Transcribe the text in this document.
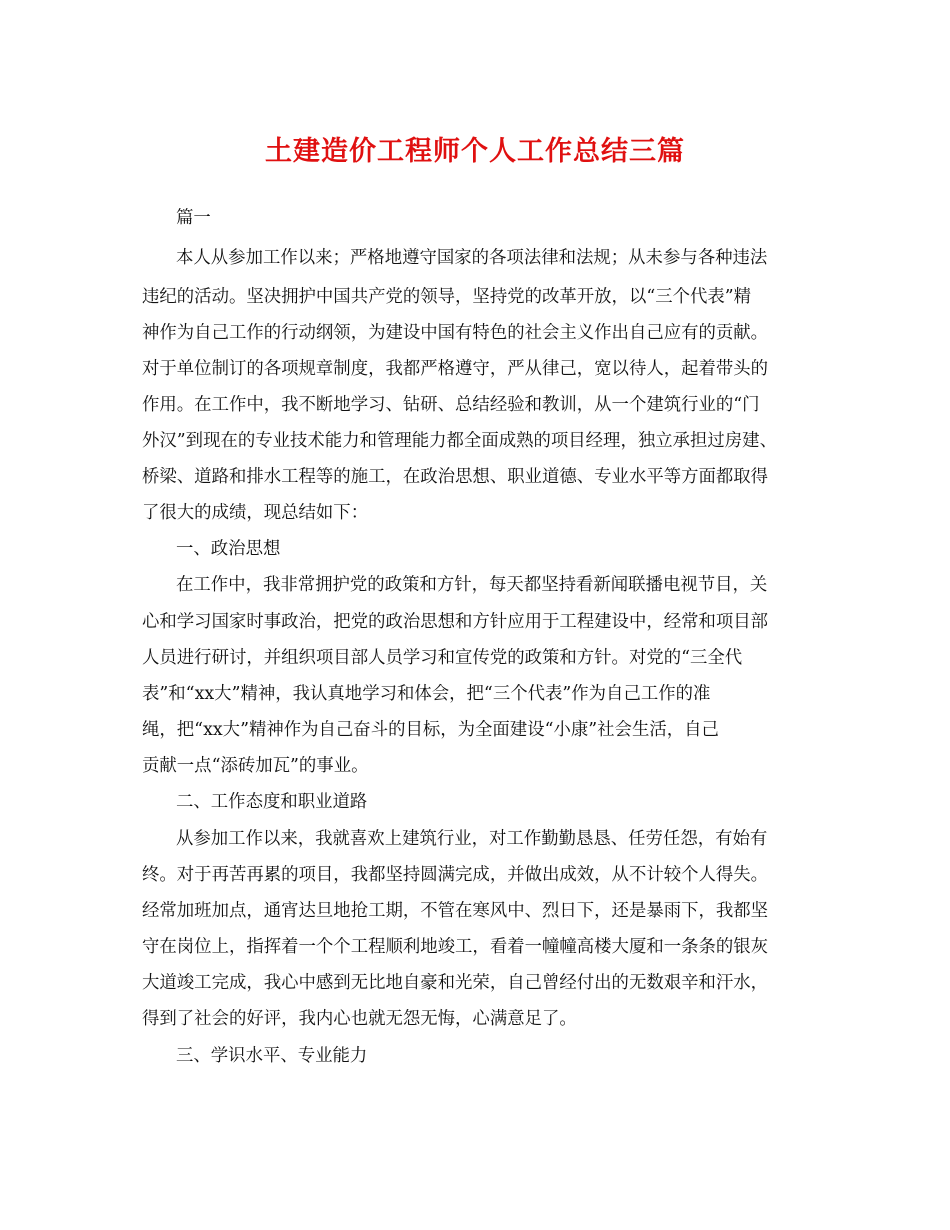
土建造价工程师个人工作总结三篇
篇一
本人从参加工作以来；严格地遵守国家的各项法律和法规；从未参与各种违法
违纪的活动。坚决拥护中国共产党的领导，坚持党的改革开放，以“三个代表”精
神作为自己工作的行动纲领，为建设中国有特色的社会主义作出自己应有的贡献。
对于单位制订的各项规章制度，我都严格遵守，严从律己，宽以待人，起着带头的
作用。在工作中，我不断地学习、钻研、总结经验和教训，从一个建筑行业的“门
外汉”到现在的专业技术能力和管理能力都全面成熟的项目经理，独立承担过房建、
桥梁、道路和排水工程等的施工，在政治思想、职业道德、专业水平等方面都取得
了很大的成绩，现总结如下：
一、政治思想
在工作中，我非常拥护党的政策和方针，每天都坚持看新闻联播电视节目，关
心和学习国家时事政治，把党的政治思想和方针应用于工程建设中，经常和项目部
人员进行研讨，并组织项目部人员学习和宣传党的政策和方针。对党的“三全代
表”和“xx大”精神，我认真地学习和体会，把“三个代表”作为自己工作的准
绳，把“xx大”精神作为自己奋斗的目标，为全面建设“小康”社会生活，自己
贡献一点“添砖加瓦”的事业。
二、工作态度和职业道路
从参加工作以来，我就喜欢上建筑行业，对工作勤勤恳恳、任劳任怨，有始有
终。对于再苦再累的项目，我都坚持圆满完成，并做出成效，从不计较个人得失。
经常加班加点，通宵达旦地抢工期，不管在寒风中、烈日下，还是暴雨下，我都坚
守在岗位上，指挥着一个个工程顺利地竣工，看着一幢幢高楼大厦和一条条的银灰
大道竣工完成，我心中感到无比地自豪和光荣，自己曾经付出的无数艰辛和汗水，
得到了社会的好评，我内心也就无怨无悔，心满意足了。
三、学识水平、专业能力
